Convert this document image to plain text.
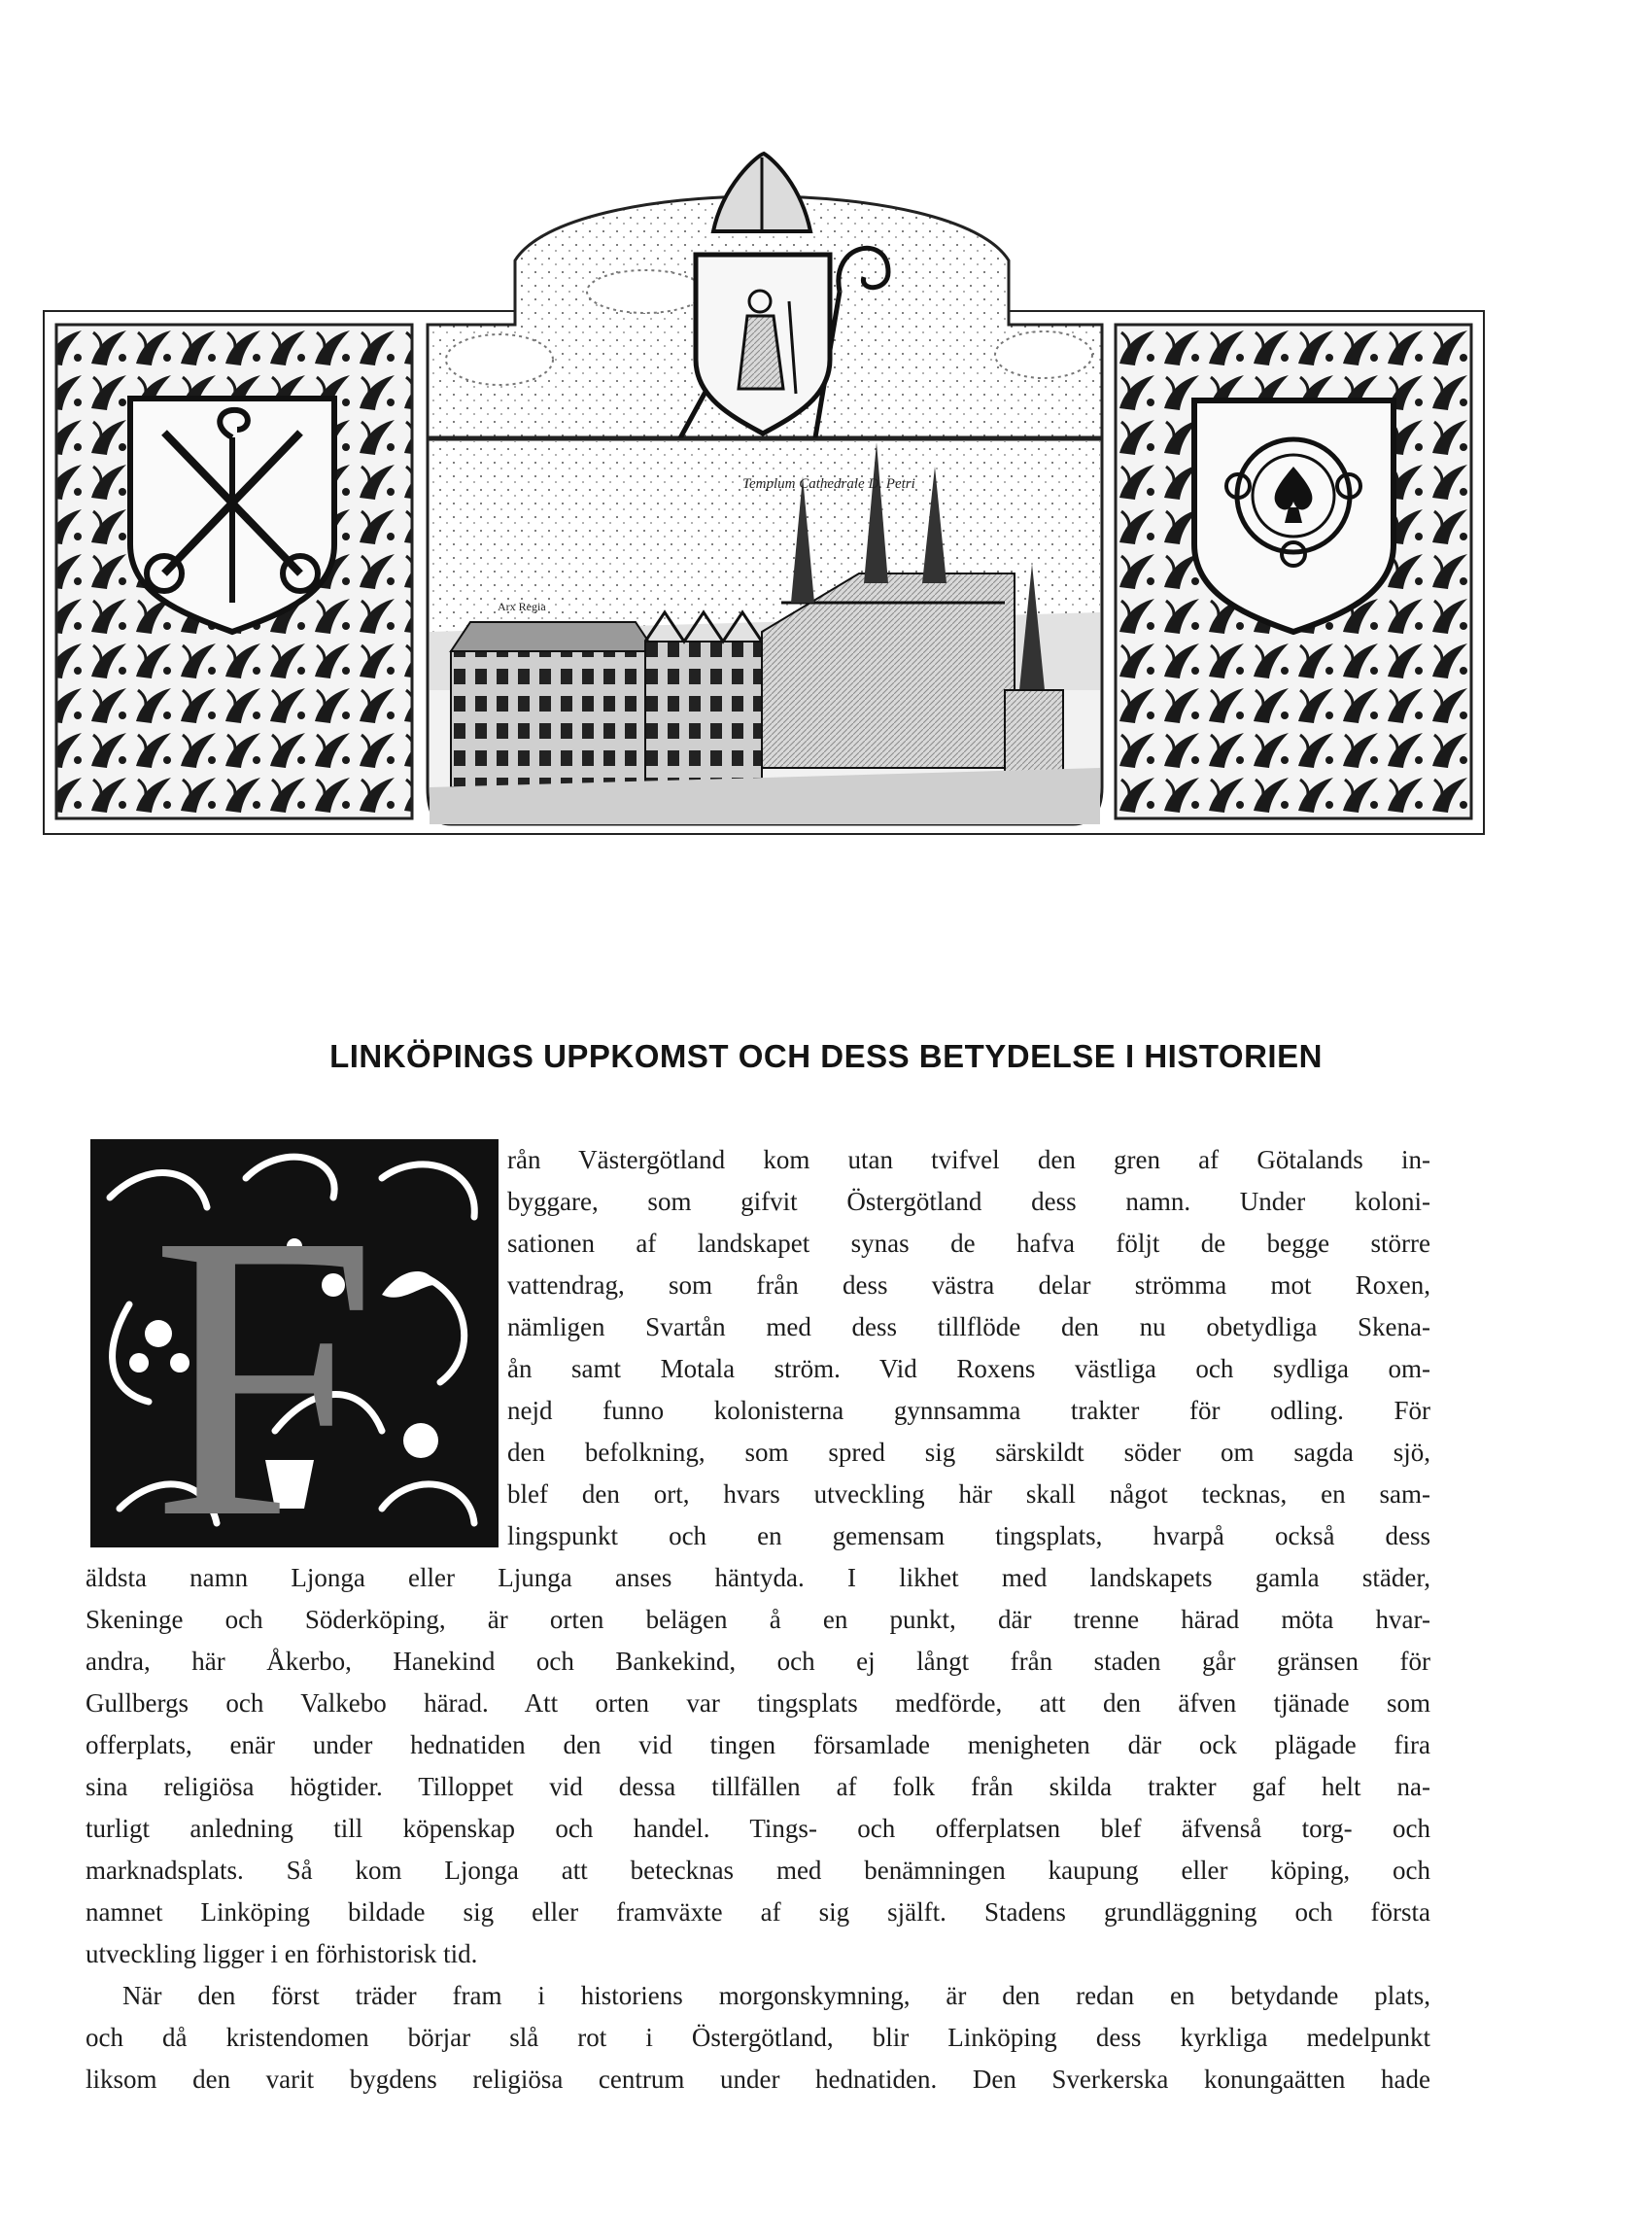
Templum Cathedrale D. Petri
Arx Regia
LINKÖPINGS UPPKOMST OCH DESS BETYDELSE I HISTORIEN
F	rån Västergötland kom utan tvifvel den gren af Götalands in-
byggare, som gifvit Östergötland dess namn. Under koloni-
sationen af landskapet synas de hafva följt de begge större
vattendrag, som från dess västra delar strömma mot Roxen,
nämligen Svartån med dess tillflöde den nu obetydliga Skena-
ån samt Motala ström. Vid Roxens västliga och sydliga om-
nejd funno kolonisterna gynnsamma trakter för odling. För
den befolkning, som spred sig särskildt söder om sagda sjö,
blef den ort, hvars utveckling här skall något tecknas, en sam-
lingspunkt och en gemensam tingsplats, hvarpå också dess
äldsta namn Ljonga eller Ljunga anses häntyda. I likhet med landskapets gamla städer,
Skeninge och Söderköping, är orten belägen å en punkt, där trenne härad möta hvar-
andra, här Åkerbo, Hanekind och Bankekind, och ej långt från staden går gränsen för
Gullbergs och Valkebo härad. Att orten var tingsplats medförde, att den äfven tjänade som
offerplats, enär under hednatiden den vid tingen församlade menigheten där ock plägade fira
sina religiösa högtider. Tilloppet vid dessa tillfällen af folk från skilda trakter gaf helt na-
turligt anledning till köpenskap och handel. Tings- och offerplatsen blef äfvenså torg- och
marknadsplats. Så kom Ljonga att betecknas med benämningen kaupung eller köping, och
namnet Linköping bildade sig eller framväxte af sig själft. Stadens grundläggning och första
utveckling ligger i en förhistorisk tid.
När den först träder fram i historiens morgonskymning, är den redan en betydande plats,
och då kristendomen börjar slå rot i Östergötland, blir Linköping dess kyrkliga medelpunkt
liksom den varit bygdens religiösa centrum under hednatiden. Den Sverkerska konungaätten hade
